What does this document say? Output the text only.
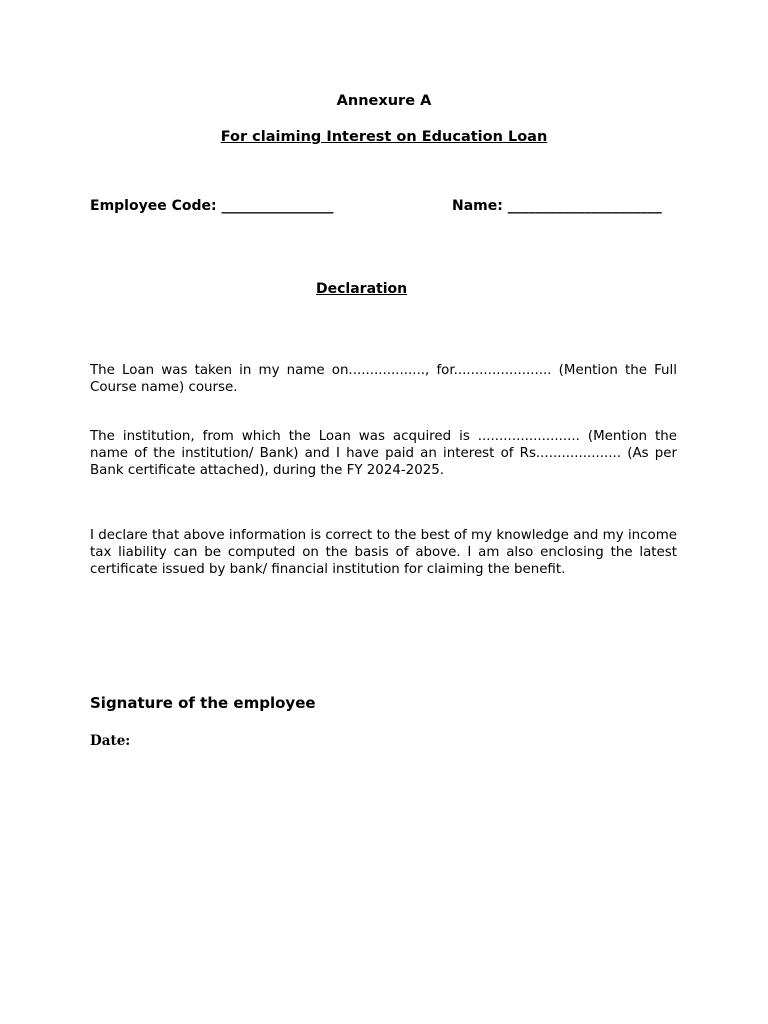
Annexure A
For claiming Interest on Education Loan
Employee Code: ________________	Name: ______________________
Declaration

The Loan was taken in my name on.................., for....................... (Mention the Full Course name) course.

The institution, from which the Loan was acquired is ........................ (Mention the name of the institution/ Bank) and I have paid an interest of Rs.................... (As per Bank certificate attached), during the FY 2024-2025.

I declare that above information is correct to the best of my knowledge and my income tax liability can be computed on the basis of above. I am also enclosing the latest certificate issued by bank/ financial institution for claiming the benefit.

Signature of the employee
Date:
